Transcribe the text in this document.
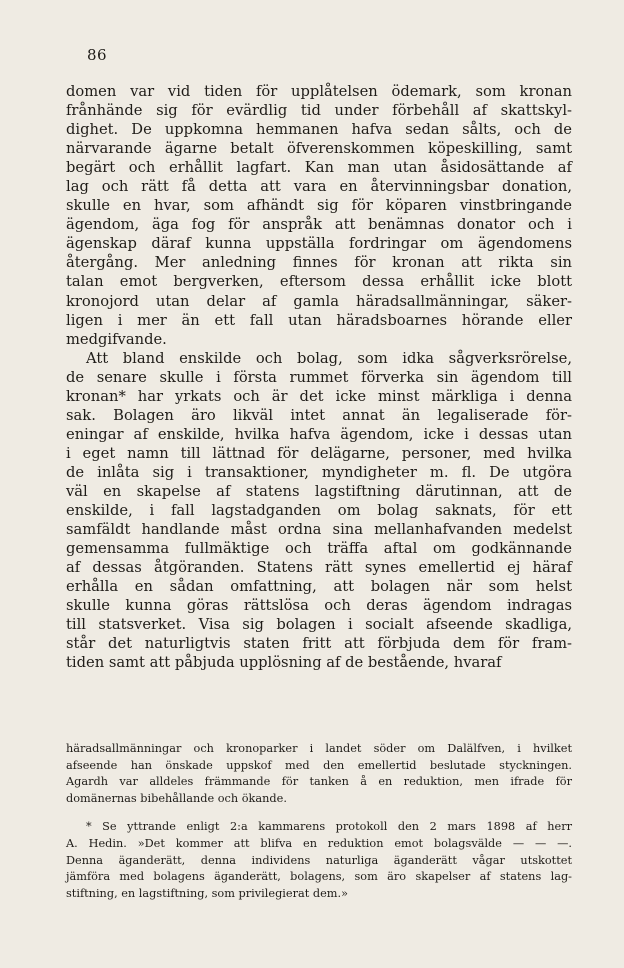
86
domen var vid tiden för upplåtelsen ödemark, som kronan
frånhände sig för evärdlig tid under förbehåll af skattskyl-
dighet. De uppkomna hemmanen hafva sedan sålts, och de
närvarande ägarne betalt öfverenskommen köpeskilling, samt
begärt och erhållit lagfart. Kan man utan åsidosättande af
lag och rätt få detta att vara en återvinningsbar donation,
skulle en hvar, som afhändt sig för köparen vinstbringande
ägendom, äga fog för anspråk att benämnas donator och i
ägenskap däraf kunna uppställa fordringar om ägendomens
återgång. Mer anledning finnes för kronan att rikta sin
talan emot bergverken, eftersom dessa erhållit icke blott
kronojord utan delar af gamla häradsallmänningar, säker-
ligen i mer än ett fall utan häradsboarnes hörande eller
medgifvande.
Att bland enskilde och bolag, som idka sågverksrörelse,
de senare skulle i första rummet förverka sin ägendom till
kronan* har yrkats och är det icke minst märkliga i denna
sak. Bolagen äro likväl intet annat än legaliserade för-
eningar af enskilde, hvilka hafva ägendom, icke i dessas utan
i eget namn till lättnad för delägarne, personer, med hvilka
de inlåta sig i transaktioner, myndigheter m. fl. De utgöra
väl en skapelse af statens lagstiftning därutinnan, att de
enskilde, i fall lagstadganden om bolag saknats, för ett
samfäldt handlande måst ordna sina mellanhafvanden medelst
gemensamma fullmäktige och träffa aftal om godkännande
af dessas åtgöranden. Statens rätt synes emellertid ej häraf
erhålla en sådan omfattning, att bolagen när som helst
skulle kunna göras rättslösa och deras ägendom indragas
till statsverket. Visa sig bolagen i socialt afseende skadliga,
står det naturligtvis staten fritt att förbjuda dem för fram-
tiden samt att påbjuda upplösning af de bestående, hvaraf
häradsallmänningar och kronoparker i landet söder om Dalälfven, i hvilket
afseende han önskade uppskof med den emellertid beslutade styckningen.
Agardh var alldeles främmande för tanken å en reduktion, men ifrade för
domänernas bibehållande och ökande.
* Se yttrande enligt 2:a kammarens protokoll den 2 mars 1898 af herr
A. Hedin. »Det kommer att blifva en reduktion emot bolagsvälde — — —.
Denna äganderätt, denna individens naturliga äganderätt vågar utskottet
jämföra med bolagens äganderätt, bolagens, som äro skapelser af statens lag-
stiftning, en lagstiftning, som privilegierat dem.»
